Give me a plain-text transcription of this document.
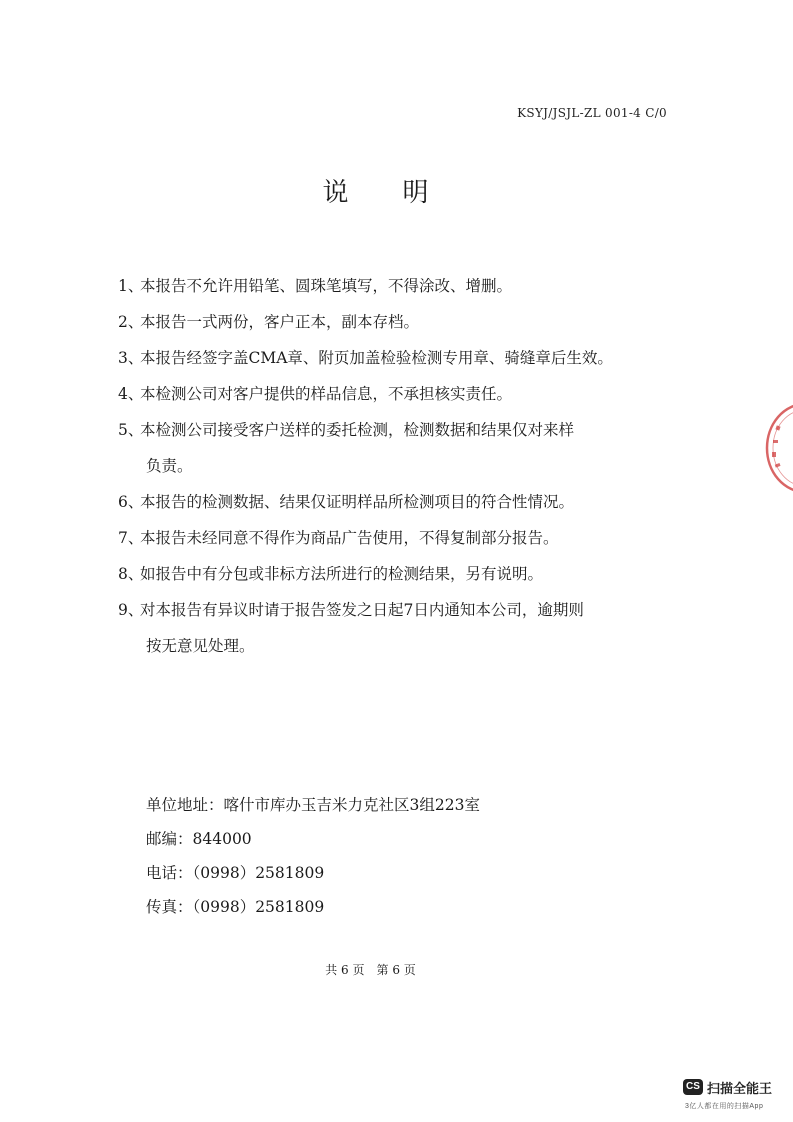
KSYJ/JSJL-ZL 001-4 C/0
说 明
1、
本报告不允许用铅笔、圆珠笔填写，不得涂改、增删。
2、
本报告一式两份，客户正本，副本存档。
3、
本报告经签字盖CMA章、附页加盖检验检测专用章、骑缝章后生效。
4、
本检测公司对客户提供的样品信息，不承担核实责任。
5、
本检测公司接受客户送样的委托检测，检测数据和结果仅对来样
负责。
6、
本报告的检测数据、结果仅证明样品所检测项目的符合性情况。
7、
本报告未经同意不得作为商品广告使用，不得复制部分报告。
8、
如报告中有分包或非标方法所进行的检测结果，另有说明。
9、
对本报告有异议时请于报告签发之日起7日内通知本公司，逾期则
按无意见处理。
单位地址：喀什市库办玉吉米力克社区3组223室
邮编：844000
电话：（0998）2581809
传真：（0998）2581809
共 6 页 第 6 页
CS 扫描全能王
3亿人都在用的扫描App
